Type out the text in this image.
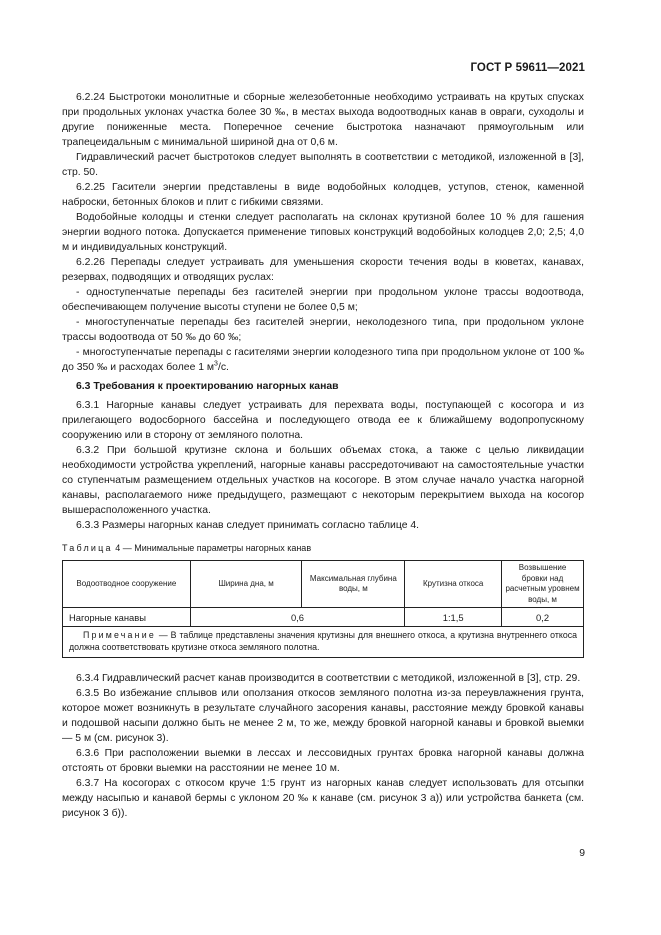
ГОСТ Р 59611—2021

6.2.24 Быстротоки монолитные и сборные железобетонные необходимо устраивать на крутых спусках при продольных уклонах участка более 30 ‰, в местах выхода водоотводных канав в овраги, суходолы и другие пониженные места. Поперечное сечение быстротока назначают прямоугольным или трапецеидальным с минимальной шириной дна от 0,6 м.

Гидравлический расчет быстротоков следует выполнять в соответствии с методикой, изложенной в [3], стр. 50.

6.2.25 Гасители энергии представлены в виде водобойных колодцев, уступов, стенок, каменной наброски, бетонных блоков и плит с гибкими связями.

Водобойные колодцы и стенки следует располагать на склонах крутизной более 10 % для гашения энергии водного потока. Допускается применение типовых конструкций водобойных колодцев 2,0; 2,5; 4,0 м и индивидуальных конструкций.

6.2.26 Перепады следует устраивать для уменьшения скорости течения воды в кюветах, канавах, резервах, подводящих и отводящих руслах:

- одноступенчатые перепады без гасителей энергии при продольном уклоне трассы водоотвода, обеспечивающем получение высоты ступени не более 0,5 м;

- многоступенчатые перепады без гасителей энергии, неколодезного типа, при продольном уклоне трассы водоотвода от 50 ‰ до 60 ‰;

- многоступенчатые перепады с гасителями энергии колодезного типа при продольном уклоне от 100 ‰ до 350 ‰ и расходах более 1 $м^3/с$.

6.3 Требования к проектированию нагорных канав

6.3.1 Нагорные канавы следует устраивать для перехвата воды, поступающей с косогора и из прилегающего водосборного бассейна и последующего отвода ее к ближайшему водопропускному сооружению или в сторону от земляного полотна.

6.3.2 При большой крутизне склона и больших объемах стока, а также с целью ликвидации необходимости устройства укреплений, нагорные канавы рассредоточивают на самостоятельные участки со ступенчатым размещением отдельных участков на косогоре. В этом случае начало участка нагорной канавы, располагаемого ниже предыдущего, размещают с некоторым перекрытием выхода на косогор вышерасположенного участка.

6.3.3 Размеры нагорных канав следует принимать согласно таблице 4.

Таблица 4 — Минимальные параметры нагорных канав
Водоотводное сооружение	Ширина дна, м	Максимальная глубина воды, м	Крутизна откоса	Возвышение бровки над расчетным уровнем воды, м
Нагорные канавы	0,6		1:1,5	0,2
Примечание — В таблице представлены значения крутизны для внешнего откоса, а крутизна внутреннего откоса должна соответствовать крутизне откоса земляного полотна.				

6.3.4 Гидравлический расчет канав производится в соответствии с методикой, изложенной в [3], стр. 29.

6.3.5 Во избежание сплывов или оползания откосов земляного полотна из-за переувлажнения грунта, которое может возникнуть в результате случайного засорения канавы, расстояние между бровкой канавы и подошвой насыпи должно быть не менее 2 м, то же, между бровкой нагорной канавы и бровкой выемки — 5 м (см. рисунок 3).

6.3.6 При расположении выемки в лессах и лессовидных грунтах бровка нагорной канавы должна отстоять от бровки выемки на расстоянии не менее 10 м.

6.3.7 На косогорах с откосом круче 1:5 грунт из нагорных канав следует использовать для отсыпки между насыпью и канавой бермы с уклоном 20 ‰ к канаве (см. рисунок 3 а)) или устройства банкета (см. рисунок 3 б)).

9
